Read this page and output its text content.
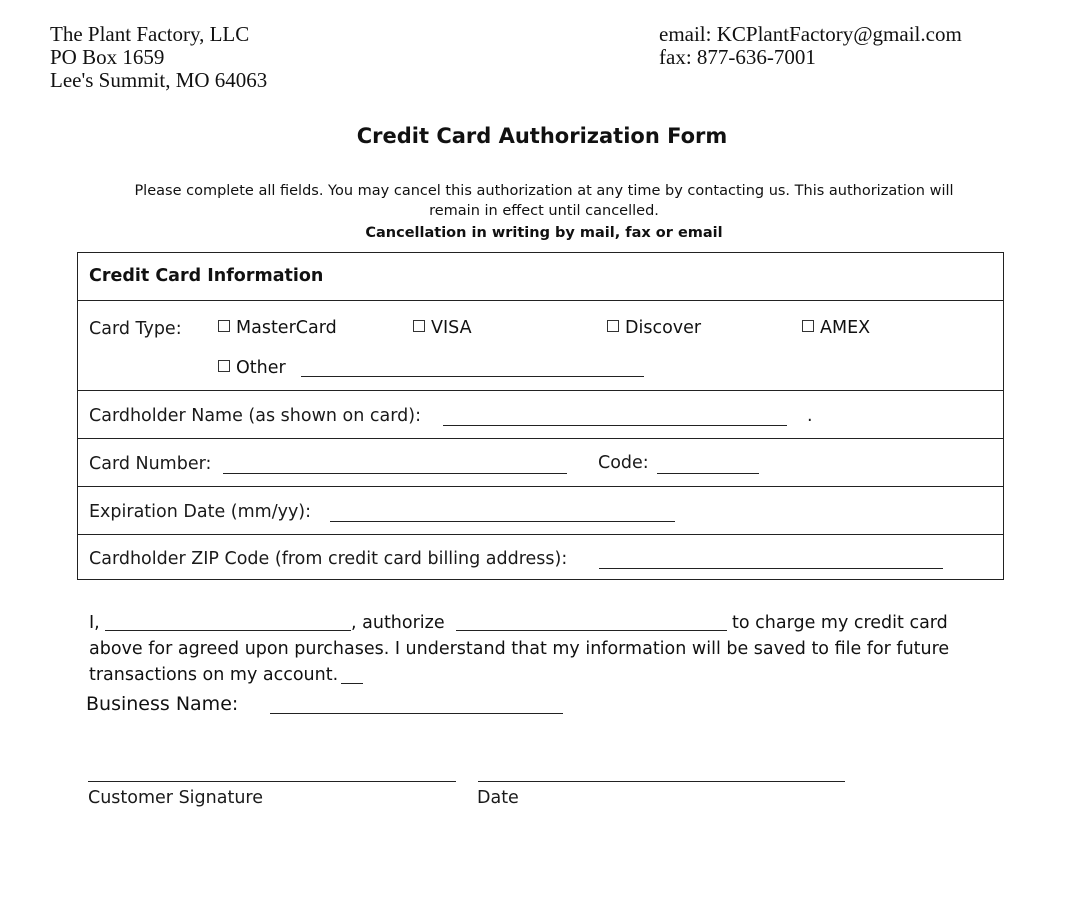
The Plant Factory, LLC
PO Box 1659
Lee's Summit, MO 64063
email: KCPlantFactory@gmail.com
fax: 877-636-7001
Credit Card Authorization Form
Please complete all fields. You may cancel this authorization at any time by contacting us. This authorization will
remain in effect until cancelled.
Cancellation in writing by mail, fax or email
Credit Card Information
Card Type:	MasterCard	VISA	Discover	AMEX
Other
Cardholder Name (as shown on card):	.
Card Number:	Code:
Expiration Date (mm/yy):
Cardholder ZIP Code (from credit card billing address):
I,	, authorize	to charge my credit card
above for agreed upon purchases. I understand that my information will be saved to file for future
transactions on my account.
Business Name:
Customer Signature	Date
